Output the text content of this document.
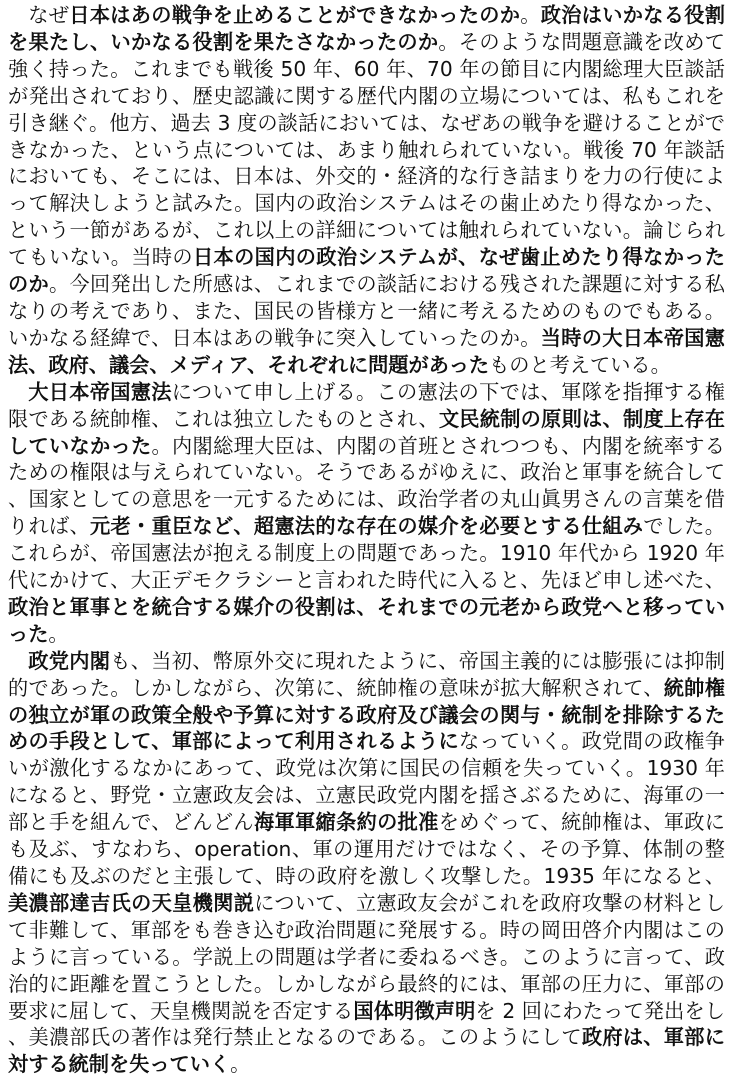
なぜ日本はあの戦争を止めることができなかったのか。政治はいかなる役割を果たし、いかなる役割を果たさなかったのか。そのような問題意識を改めて強く持った。これまでも戦後 50 年、60 年、70 年の節目に内閣総理大臣談話が発出されており、歴史認識に関する歴代内閣の立場については、私もこれを引き継ぐ。他方、過去 3 度の談話においては、なぜあの戦争を避けることができなかった、という点については、あまり触れられていない。戦後 70 年談話においても、そこには、日本は、外交的・経済的な行き詰まりを力の行使によって解決しようと試みた。国内の政治システムはその歯止めたり得なかった、という一節があるが、これ以上の詳細については触れられていない。論じられてもいない。当時の日本の国内の政治システムが、なぜ歯止めたり得なかったのか。今回発出した所感は、これまでの談話における残された課題に対する私なりの考えであり、また、国民の皆様方と一緒に考えるためのものでもある。いかなる経緯で、日本はあの戦争に突入していったのか。当時の大日本帝国憲法、政府、議会、メディア、それぞれに問題があったものと考えている。

大日本帝国憲法について申し上げる。この憲法の下では、軍隊を指揮する権限である統帥権、これは独立したものとされ、文民統制の原則は、制度上存在していなかった。内閣総理大臣は、内閣の首班とされつつも、内閣を統率するための権限は与えられていない。そうであるがゆえに、政治と軍事を統合して、国家としての意思を一元するためには、政治学者の丸山眞男さんの言葉を借りれば、元老・重臣など、超憲法的な存在の媒介を必要とする仕組みでした。これらが、帝国憲法が抱える制度上の問題であった。1910 年代から 1920 年代にかけて、大正デモクラシーと言われた時代に入ると、先ほど申し述べた、政治と軍事とを統合する媒介の役割は、それまでの元老から政党へと移っていった。

政党内閣も、当初、幣原外交に現れたように、帝国主義的には膨張には抑制的であった。しかしながら、次第に、統帥権の意味が拡大解釈されて、統帥権の独立が軍の政策全般や予算に対する政府及び議会の関与・統制を排除するための手段として、軍部によって利用されるようになっていく。政党間の政権争いが激化するなかにあって、政党は次第に国民の信頼を失っていく。1930 年になると、野党・立憲政友会は、立憲民政党内閣を揺さぶるために、海軍の一部と手を組んで、どんどん海軍軍縮条約の批准をめぐって、統帥権は、軍政にも及ぶ、すなわち、operation、軍の運用だけではなく、その予算、体制の整備にも及ぶのだと主張して、時の政府を激しく攻撃した。1935 年になると、美濃部達吉氏の天皇機関説について、立憲政友会がこれを政府攻撃の材料として非難して、軍部をも巻き込む政治問題に発展する。時の岡田啓介内閣はこのように言っている。学説上の問題は学者に委ねるべき。このように言って、政治的に距離を置こうとした。しかしながら最終的には、軍部の圧力に、軍部の要求に屈して、天皇機関説を否定する国体明徴声明を 2 回にわたって発出をし、美濃部氏の著作は発行禁止となるのである。このようにして政府は、軍部に対する統制を失っていく。
